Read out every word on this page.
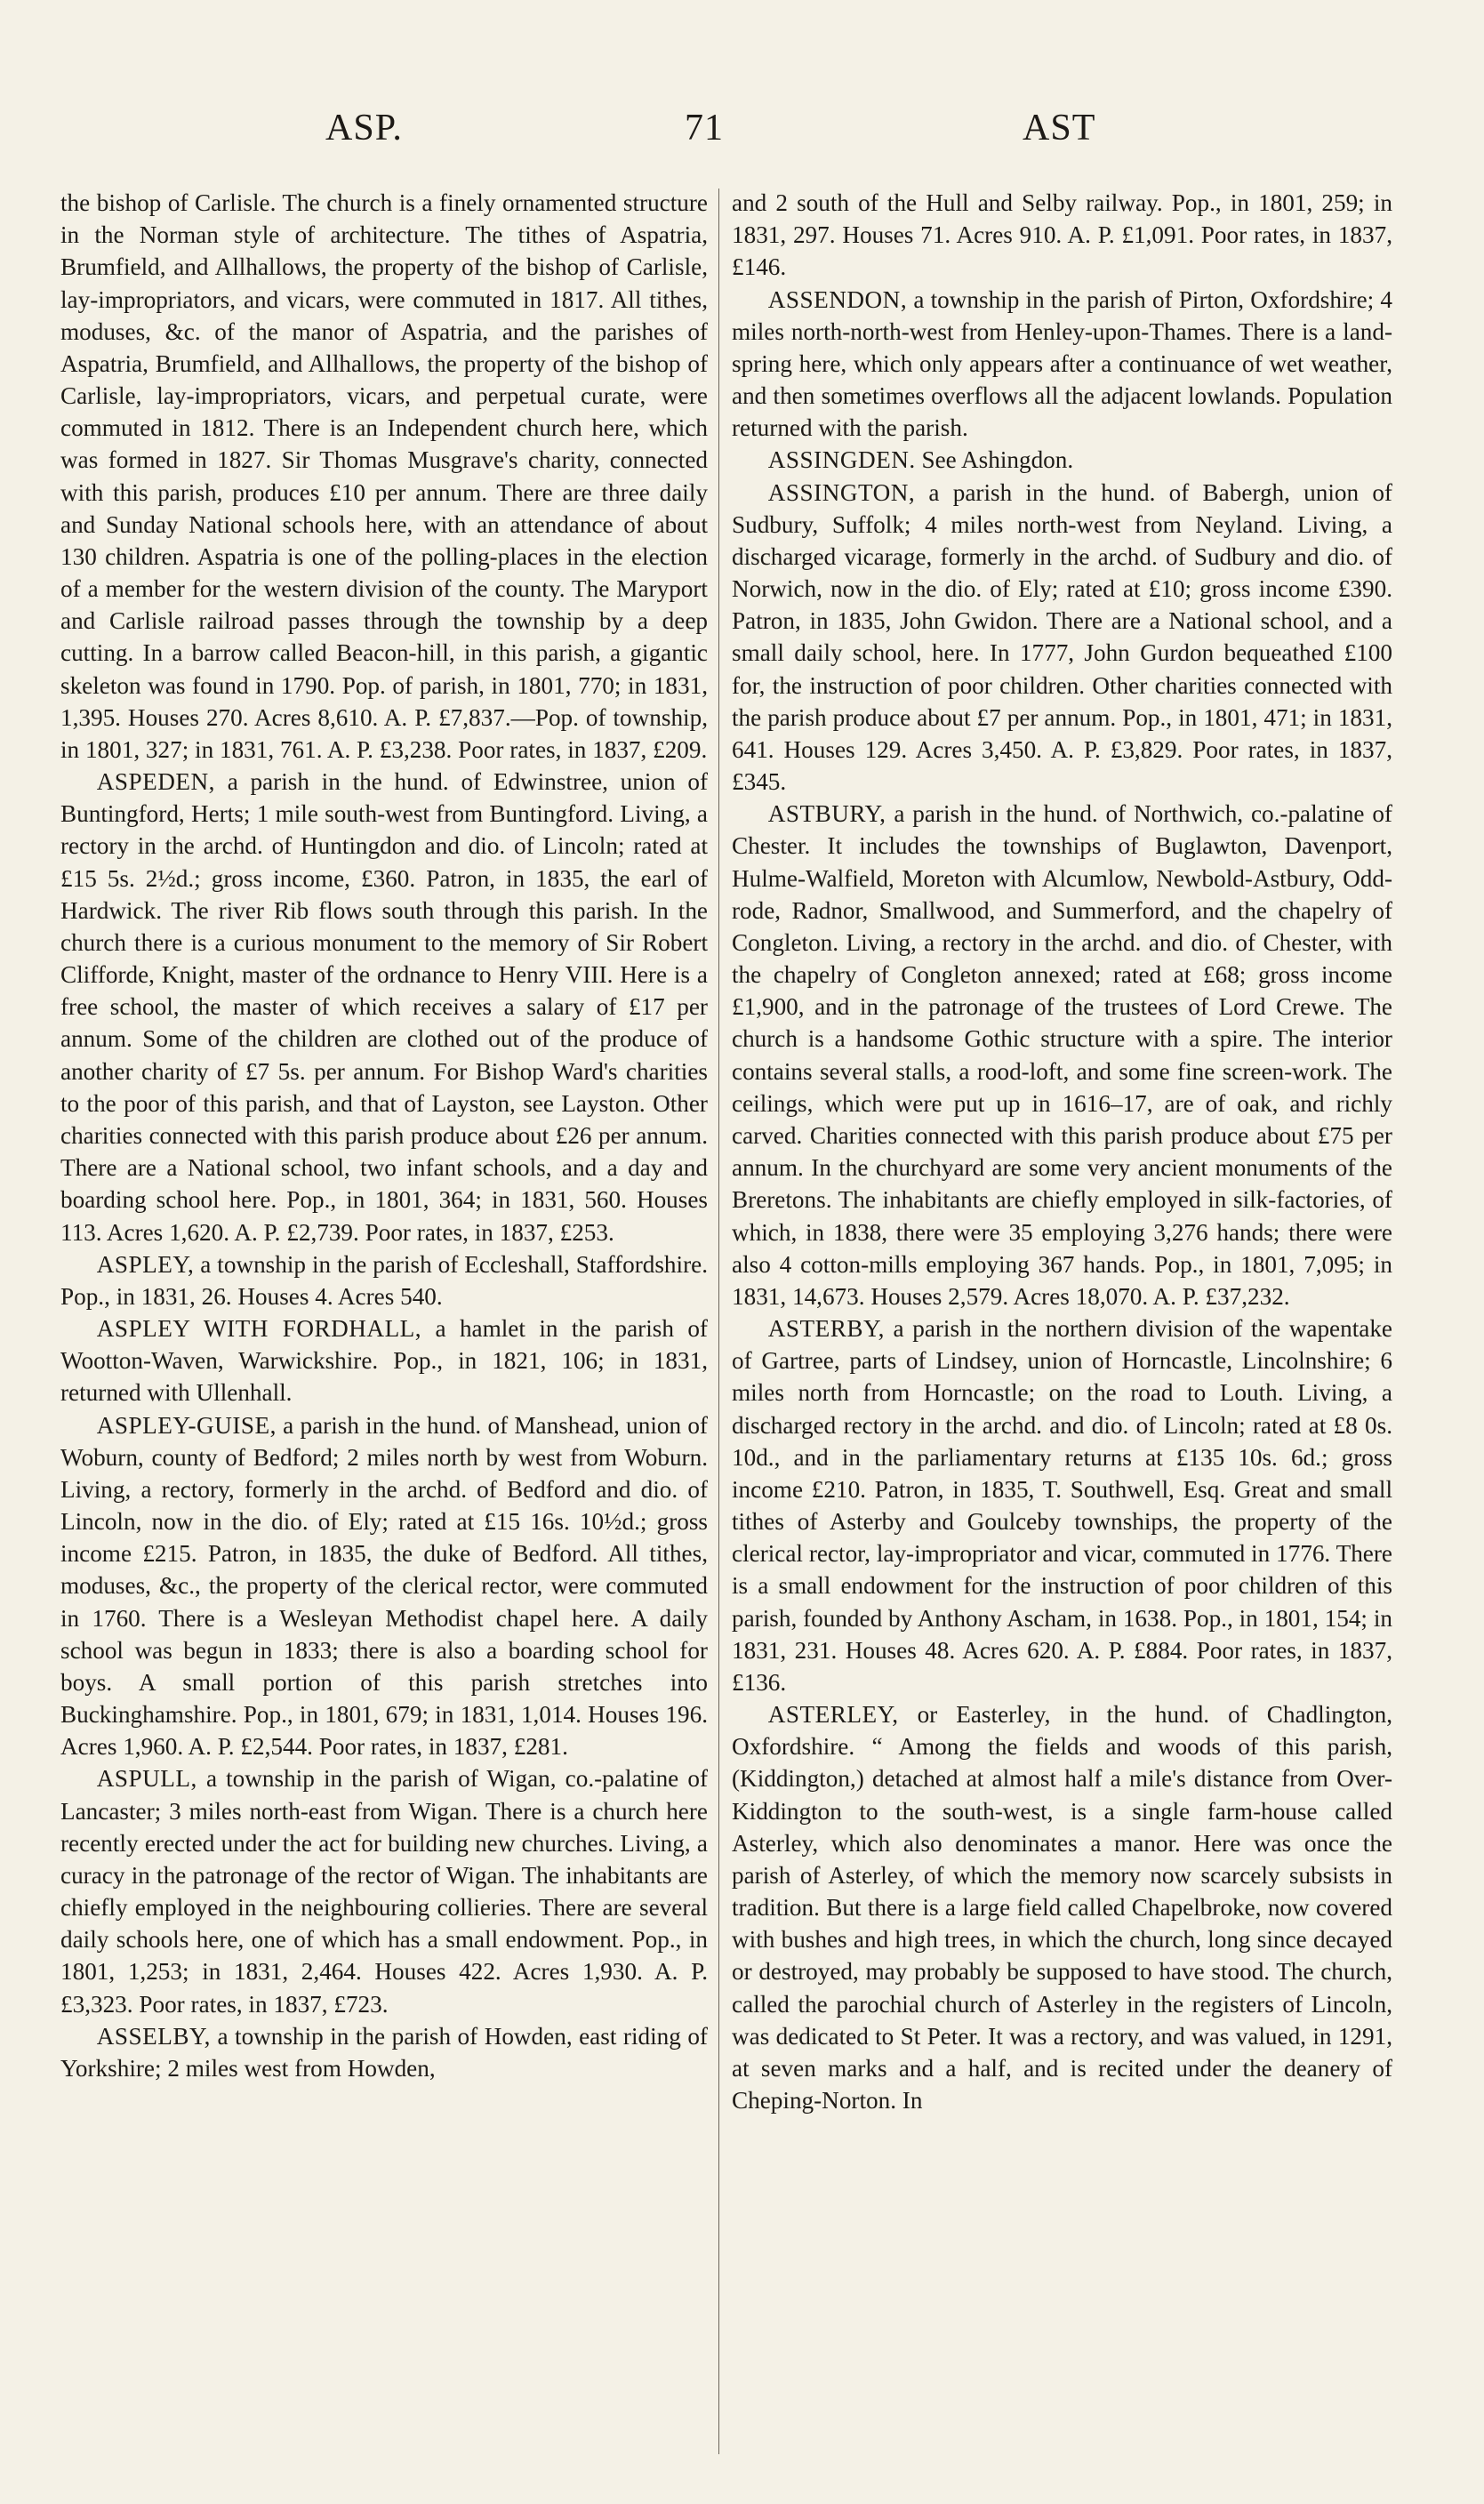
ASP.	71	AST

the bishop of Carlisle. The church is a finely ornamented structure in the Norman style of architecture. The tithes of Aspatria, Brumfield, and Allhallows, the property of the bishop of Carlisle, lay-impropriators, and vicars, were commuted in 1817. All tithes, moduses, &c. of the manor of Aspatria, and the parishes of Aspatria, Brumfield, and Allhallows, the property of the bishop of Carlisle, lay-impropriators, vicars, and perpetual curate, were commuted in 1812. There is an Independent church here, which was formed in 1827. Sir Thomas Musgrave's charity, connected with this parish, produces £10 per annum. There are three daily and Sunday National schools here, with an attendance of about 130 children. Aspatria is one of the polling-places in the election of a member for the western division of the county. The Maryport and Carlisle railroad passes through the township by a deep cutting. In a barrow called Beacon-hill, in this parish, a gigantic skeleton was found in 1790. Pop. of parish, in 1801, 770; in 1831, 1,395. Houses 270. Acres 8,610. A. P. £7,837.—Pop. of township, in 1801, 327; in 1831, 761. A. P. £3,238. Poor rates, in 1837, £209.

ASPEDEN, a parish in the hund. of Edwinstree, union of Buntingford, Herts; 1 mile south-west from Buntingford. Living, a rectory in the archd. of Huntingdon and dio. of Lincoln; rated at £15 5s. 2½d.; gross income, £360. Patron, in 1835, the earl of Hardwick. The river Rib flows south through this parish. In the church there is a curious monument to the memory of Sir Robert Clifforde, Knight, master of the ordnance to Henry VIII. Here is a free school, the master of which receives a salary of £17 per annum. Some of the children are clothed out of the produce of another charity of £7 5s. per annum. For Bishop Ward's charities to the poor of this parish, and that of Layston, see Layston. Other charities connected with this parish produce about £26 per annum. There are a National school, two infant schools, and a day and boarding school here. Pop., in 1801, 364; in 1831, 560. Houses 113. Acres 1,620. A. P. £2,739. Poor rates, in 1837, £253.

ASPLEY, a township in the parish of Eccleshall, Staffordshire. Pop., in 1831, 26. Houses 4. Acres 540.

ASPLEY WITH FORDHALL, a hamlet in the parish of Wootton-Waven, Warwickshire. Pop., in 1821, 106; in 1831, returned with Ullenhall.

ASPLEY-GUISE, a parish in the hund. of Manshead, union of Woburn, county of Bedford; 2 miles north by west from Woburn. Living, a rectory, formerly in the archd. of Bedford and dio. of Lincoln, now in the dio. of Ely; rated at £15 16s. 10½d.; gross income £215. Patron, in 1835, the duke of Bedford. All tithes, moduses, &c., the property of the clerical rector, were commuted in 1760. There is a Wesleyan Methodist chapel here. A daily school was begun in 1833; there is also a boarding school for boys. A small portion of this parish stretches into Buckinghamshire. Pop., in 1801, 679; in 1831, 1,014. Houses 196. Acres 1,960. A. P. £2,544. Poor rates, in 1837, £281.

ASPULL, a township in the parish of Wigan, co.-palatine of Lancaster; 3 miles north-east from Wigan. There is a church here recently erected under the act for building new churches. Living, a curacy in the patronage of the rector of Wigan. The inhabitants are chiefly employed in the neighbouring collieries. There are several daily schools here, one of which has a small endowment. Pop., in 1801, 1,253; in 1831, 2,464. Houses 422. Acres 1,930. A. P. £3,323. Poor rates, in 1837, £723.

ASSELBY, a township in the parish of Howden, east riding of Yorkshire; 2 miles west from Howden,

and 2 south of the Hull and Selby railway. Pop., in 1801, 259; in 1831, 297. Houses 71. Acres 910. A. P. £1,091. Poor rates, in 1837, £146.

ASSENDON, a township in the parish of Pirton, Oxfordshire; 4 miles north-north-west from Henley-upon-Thames. There is a land-spring here, which only appears after a continuance of wet weather, and then sometimes overflows all the adjacent lowlands. Population returned with the parish.

ASSINGDEN. See Ashingdon.

ASSINGTON, a parish in the hund. of Babergh, union of Sudbury, Suffolk; 4 miles north-west from Neyland. Living, a discharged vicarage, formerly in the archd. of Sudbury and dio. of Norwich, now in the dio. of Ely; rated at £10; gross income £390. Patron, in 1835, John Gwidon. There are a National school, and a small daily school, here. In 1777, John Gurdon bequeathed £100 for, the instruction of poor children. Other charities connected with the parish produce about £7 per annum. Pop., in 1801, 471; in 1831, 641. Houses 129. Acres 3,450. A. P. £3,829. Poor rates, in 1837, £345.

ASTBURY, a parish in the hund. of Northwich, co.-palatine of Chester. It includes the townships of Buglawton, Davenport, Hulme-Walfield, Moreton with Alcumlow, Newbold-Astbury, Odd-rode, Radnor, Smallwood, and Summerford, and the chapelry of Congleton. Living, a rectory in the archd. and dio. of Chester, with the chapelry of Congleton annexed; rated at £68; gross income £1,900, and in the patronage of the trustees of Lord Crewe. The church is a handsome Gothic structure with a spire. The interior contains several stalls, a rood-loft, and some fine screen-work. The ceilings, which were put up in 1616–17, are of oak, and richly carved. Charities connected with this parish produce about £75 per annum. In the churchyard are some very ancient monuments of the Breretons. The inhabitants are chiefly employed in silk-factories, of which, in 1838, there were 35 employing 3,276 hands; there were also 4 cotton-mills employing 367 hands. Pop., in 1801, 7,095; in 1831, 14,673. Houses 2,579. Acres 18,070. A. P. £37,232.

ASTERBY, a parish in the northern division of the wapentake of Gartree, parts of Lindsey, union of Horncastle, Lincolnshire; 6 miles north from Horncastle; on the road to Louth. Living, a discharged rectory in the archd. and dio. of Lincoln; rated at £8 0s. 10d., and in the parliamentary returns at £135 10s. 6d.; gross income £210. Patron, in 1835, T. Southwell, Esq. Great and small tithes of Asterby and Goulceby townships, the property of the clerical rector, lay-impropriator and vicar, commuted in 1776. There is a small endowment for the instruction of poor children of this parish, founded by Anthony Ascham, in 1638. Pop., in 1801, 154; in 1831, 231. Houses 48. Acres 620. A. P. £884. Poor rates, in 1837, £136.

ASTERLEY, or Easterley, in the hund. of Chadlington, Oxfordshire. “ Among the fields and woods of this parish, (Kiddington,) detached at almost half a mile's distance from Over-Kiddington to the south-west, is a single farm-house called Asterley, which also denominates a manor. Here was once the parish of Asterley, of which the memory now scarcely subsists in tradition. But there is a large field called Chapelbroke, now covered with bushes and high trees, in which the church, long since decayed or destroyed, may probably be supposed to have stood. The church, called the parochial church of Asterley in the registers of Lincoln, was dedicated to St Peter. It was a rectory, and was valued, in 1291, at seven marks and a half, and is recited under the deanery of Cheping-Norton. In
